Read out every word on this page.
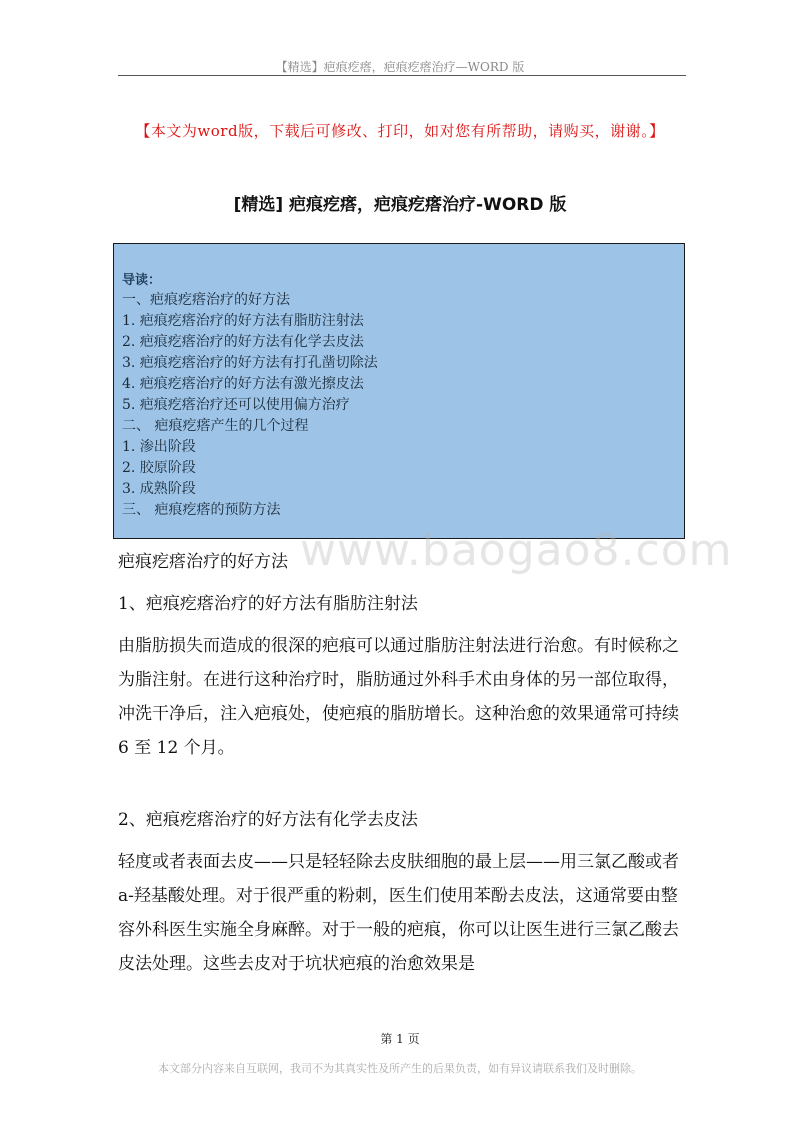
【精选】疤痕疙瘩，疤痕疙瘩治疗—WORD 版
【本文为word版，下载后可修改、打印，如对您有所帮助，请购买，谢谢。】
[精选] 疤痕疙瘩，疤痕疙瘩治疗-WORD 版
导读：
一、疤痕疙瘩治疗的好方法
1. 疤痕疙瘩治疗的好方法有脂肪注射法
2. 疤痕疙瘩治疗的好方法有化学去皮法
3. 疤痕疙瘩治疗的好方法有打孔凿切除法
4. 疤痕疙瘩治疗的好方法有激光擦皮法
5. 疤痕疙瘩治疗还可以使用偏方治疗
二、 疤痕疙瘩产生的几个过程
1. 渗出阶段
2. 胶原阶段
3. 成熟阶段
三、 疤痕疙瘩的预防方法
www.baogao8.com
疤痕疙瘩治疗的好方法
1、疤痕疙瘩治疗的好方法有脂肪注射法
由脂肪损失而造成的很深的疤痕可以通过脂肪注射法进行治愈。有时候称之为脂注射。在进行这种治疗时，脂肪通过外科手术由身体的另一部位取得，冲洗干净后，注入疤痕处，使疤痕的脂肪增长。这种治愈的效果通常可持续 6 至 12 个月。
2、疤痕疙瘩治疗的好方法有化学去皮法
轻度或者表面去皮——只是轻轻除去皮肤细胞的最上层——用三氯乙酸或者 a-羟基酸处理。对于很严重的粉刺，医生们使用苯酚去皮法，这通常要由整容外科医生实施全身麻醉。对于一般的疤痕，你可以让医生进行三氯乙酸去皮法处理。这些去皮对于坑状疤痕的治愈效果是
第 1 页
本文部分内容来自互联网，我司不为其真实性及所产生的后果负责，如有异议请联系我们及时删除。
